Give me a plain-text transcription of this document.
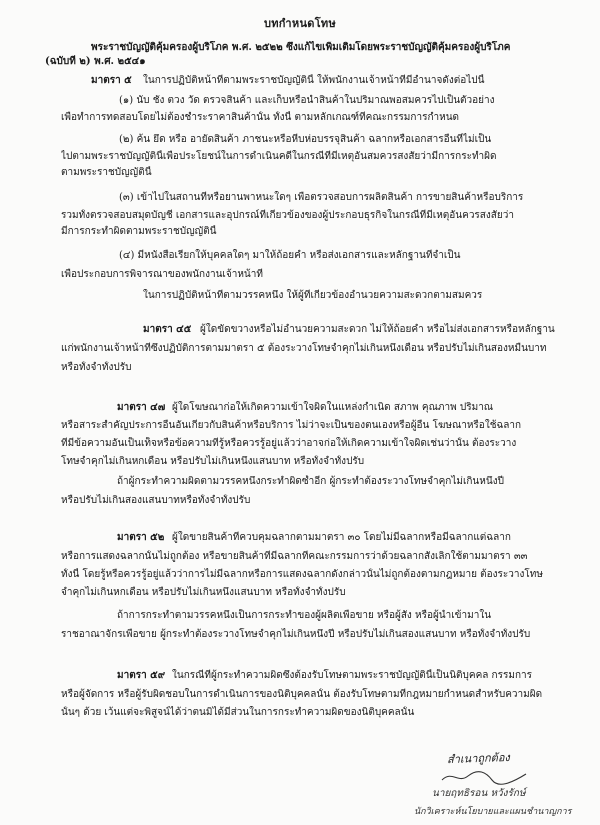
บทกำหนดโทษ
พระราชบัญญัติคุ้มครองผู้บริโภค พ.ศ. ๒๕๒๒ ซึ่งแก้ไขเพิ่มเติมโดยพระราชบัญญัติคุ้มครองผู้บริโภค
(ฉบับที่ ๒) พ.ศ. ๒๕๔๑
มาตรา ๕ ในการปฏิบัติหน้าที่ตามพระราชบัญญัตินี้ ให้พนักงานเจ้าหน้าที่มีอำนาจดังต่อไปนี้
(๑) นับ ชั่ง ตวง วัด ตรวจสินค้า และเก็บหรือนำสินค้าในปริมาณพอสมควรไปเป็นตัวอย่าง
เพื่อทำการทดสอบโดยไม่ต้องชำระราคาสินค้านั้น ทั้งนี้ ตามหลักเกณฑ์ที่คณะกรรมการกำหนด
(๒) ค้น ยึด หรือ อายัดสินค้า ภาชนะหรือหีบห่อบรรจุสินค้า ฉลากหรือเอกสารอื่นที่ไม่เป็น
ไปตามพระราชบัญญัตินี้เพื่อประโยชน์ในการดำเนินคดีในกรณีที่มีเหตุอันสมควรสงสัยว่ามีการกระทำผิด
ตามพระราชบัญญัตินี้
(๓) เข้าไปในสถานที่หรือยานพาหนะใดๆ เพื่อตรวจสอบการผลิตสินค้า การขายสินค้าหรือบริการ
รวมทั้งตรวจสอบสมุดบัญชี เอกสารและอุปกรณ์ที่เกี่ยวข้องของผู้ประกอบธุรกิจในกรณีที่มีเหตุอันควรสงสัยว่า
มีการกระทำผิดตามพระราชบัญญัตินี้
(๔) มีหนังสือเรียกให้บุคคลใดๆ มาให้ถ้อยคำ หรือส่งเอกสารและหลักฐานที่จำเป็น
เพื่อประกอบการพิจารณาของพนักงานเจ้าหน้าที่
ในการปฏิบัติหน้าที่ตามวรรคหนึ่ง ให้ผู้ที่เกี่ยวข้องอำนวยความสะดวกตามสมควร
มาตรา ๔๕ ผู้ใดขัดขวางหรือไม่อำนวยความสะดวก ไม่ให้ถ้อยคำ หรือไม่ส่งเอกสารหรือหลักฐาน
แก่พนักงานเจ้าหน้าที่ซึ่งปฏิบัติการตามมาตรา ๕ ต้องระวางโทษจำคุกไม่เกินหนึ่งเดือน หรือปรับไม่เกินสองหมื่นบาท
หรือทั้งจำทั้งปรับ
มาตรา ๔๗ ผู้ใดโฆษณาก่อให้เกิดความเข้าใจผิดในแหล่งกำเนิด สภาพ คุณภาพ ปริมาณ
หรือสาระสำคัญประการอื่นอันเกี่ยวกับสินค้าหรือบริการ ไม่ว่าจะเป็นของตนเองหรือผู้อื่น โฆษณาหรือใช้ฉลาก
ที่มีข้อความอันเป็นเท็จหรือข้อความที่รู้หรือควรรู้อยู่แล้วว่าอาจก่อให้เกิดความเข้าใจผิดเช่นว่านั้น ต้องระวาง
โทษจำคุกไม่เกินหกเดือน หรือปรับไม่เกินหนึ่งแสนบาท หรือทั้งจำทั้งปรับ
ถ้าผู้กระทำความผิดตามวรรคหนึ่งกระทำผิดซ้ำอีก ผู้กระทำต้องระวางโทษจำคุกไม่เกินหนึ่งปี
หรือปรับไม่เกินสองแสนบาทหรือทั้งจำทั้งปรับ
มาตรา ๕๒ ผู้ใดขายสินค้าที่ควบคุมฉลากตามมาตรา ๓๐ โดยไม่มีฉลากหรือมีฉลากแต่ฉลาก
หรือการแสดงฉลากนั้นไม่ถูกต้อง หรือขายสินค้าที่มีฉลากที่คณะกรรมการว่าด้วยฉลากสั่งเลิกใช้ตามมาตรา ๓๓
ทั้งนี้ โดยรู้หรือควรรู้อยู่แล้วว่าการไม่มีฉลากหรือการแสดงฉลากดังกล่าวนั้นไม่ถูกต้องตามกฎหมาย ต้องระวางโทษ
จำคุกไม่เกินหกเดือน หรือปรับไม่เกินหนึ่งแสนบาท หรือทั้งจำทั้งปรับ
ถ้าการกระทำตามวรรคหนึ่งเป็นการกระทำของผู้ผลิตเพื่อขาย หรือผู้สั่ง หรือผู้นำเข้ามาใน
ราชอาณาจักรเพื่อขาย ผู้กระทำต้องระวางโทษจำคุกไม่เกินหนึ่งปี หรือปรับไม่เกินสองแสนบาท หรือทั้งจำทั้งปรับ
มาตรา ๕๙ ในกรณีที่ผู้กระทำความผิดซึ่งต้องรับโทษตามพระราชบัญญัตินี้เป็นนิติบุคคล กรรมการ
หรือผู้จัดการ หรือผู้รับผิดชอบในการดำเนินการของนิติบุคคลนั้น ต้องรับโทษตามที่กฎหมายกำหนดสำหรับความผิด
นั้นๆ ด้วย เว้นแต่จะพิสูจน์ได้ว่าตนมิได้มีส่วนในการกระทำความผิดของนิติบุคคลนั้น
สำเนาถูกต้อง
นายฤทธิรอน หวังรักษ์
นักวิเคราะห์นโยบายและแผนชำนาญการ
